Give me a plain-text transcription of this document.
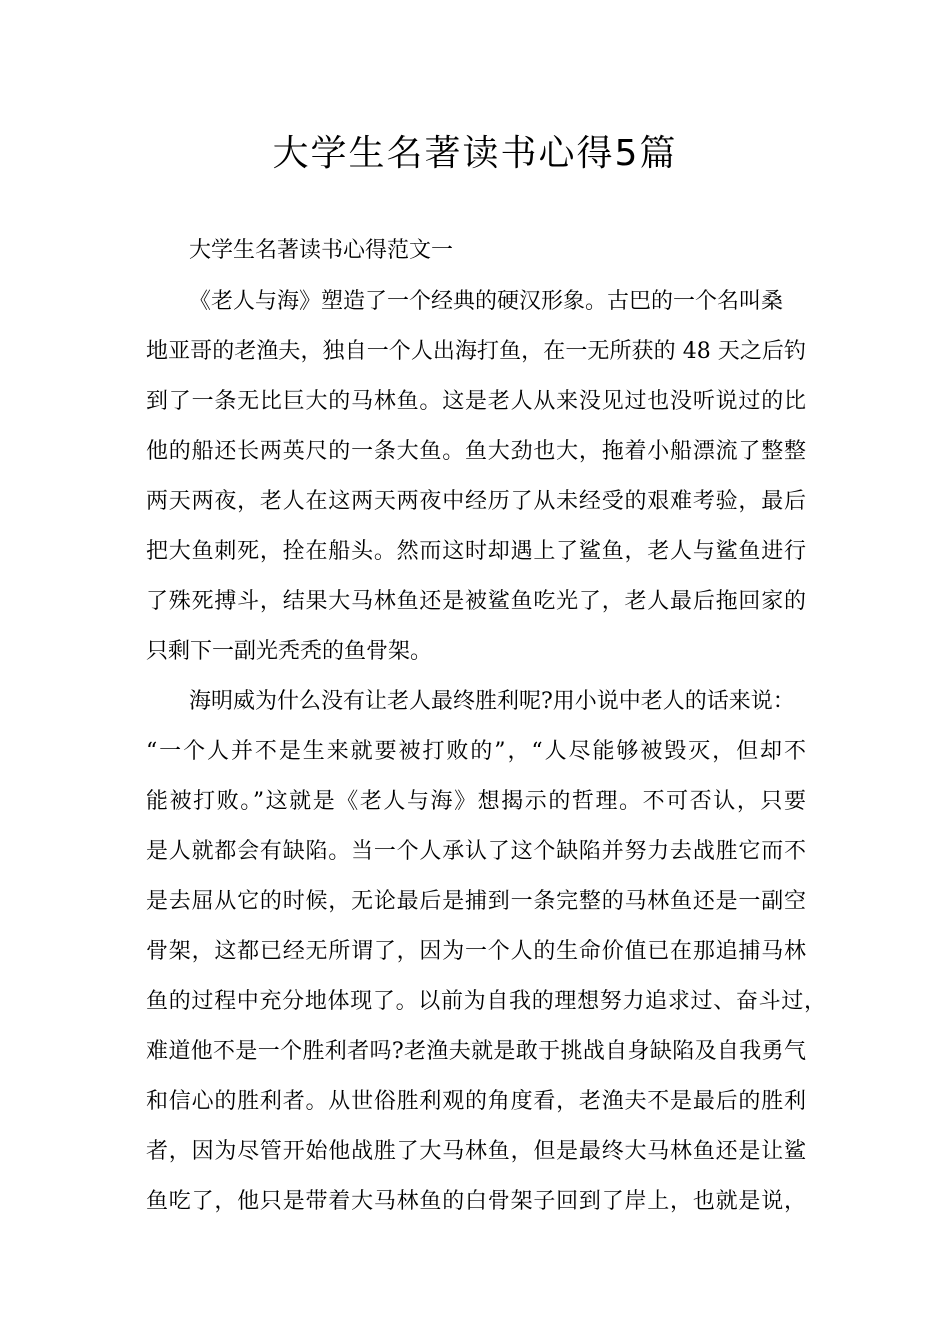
大学生名著读书心得5篇
大学生名著读书心得范文一
《老人与海》塑造了一个经典的硬汉形象。古巴的一个名叫桑
地亚哥的老渔夫，独自一个人出海打鱼，在一无所获的 48 天之后钓
到了一条无比巨大的马林鱼。这是老人从来没见过也没听说过的比
他的船还长两英尺的一条大鱼。鱼大劲也大，拖着小船漂流了整整
两天两夜，老人在这两天两夜中经历了从未经受的艰难考验，最后
把大鱼刺死，拴在船头。然而这时却遇上了鲨鱼，老人与鲨鱼进行
了殊死搏斗，结果大马林鱼还是被鲨鱼吃光了，老人最后拖回家的
只剩下一副光秃秃的鱼骨架。
海明威为什么没有让老人最终胜利呢?用小说中老人的话来说：
“一个人并不是生来就要被打败的”，“人尽能够被毁灭，但却不
能被打败。”这就是《老人与海》想揭示的哲理。不可否认，只要
是人就都会有缺陷。当一个人承认了这个缺陷并努力去战胜它而不
是去屈从它的时候，无论最后是捕到一条完整的马林鱼还是一副空
骨架，这都已经无所谓了，因为一个人的生命价值已在那追捕马林
鱼的过程中充分地体现了。以前为自我的理想努力追求过、奋斗过，
难道他不是一个胜利者吗?老渔夫就是敢于挑战自身缺陷及自我勇气
和信心的胜利者。从世俗胜利观的角度看，老渔夫不是最后的胜利
者，因为尽管开始他战胜了大马林鱼，但是最终大马林鱼还是让鲨
鱼吃了，他只是带着大马林鱼的白骨架子回到了岸上，也就是说，
